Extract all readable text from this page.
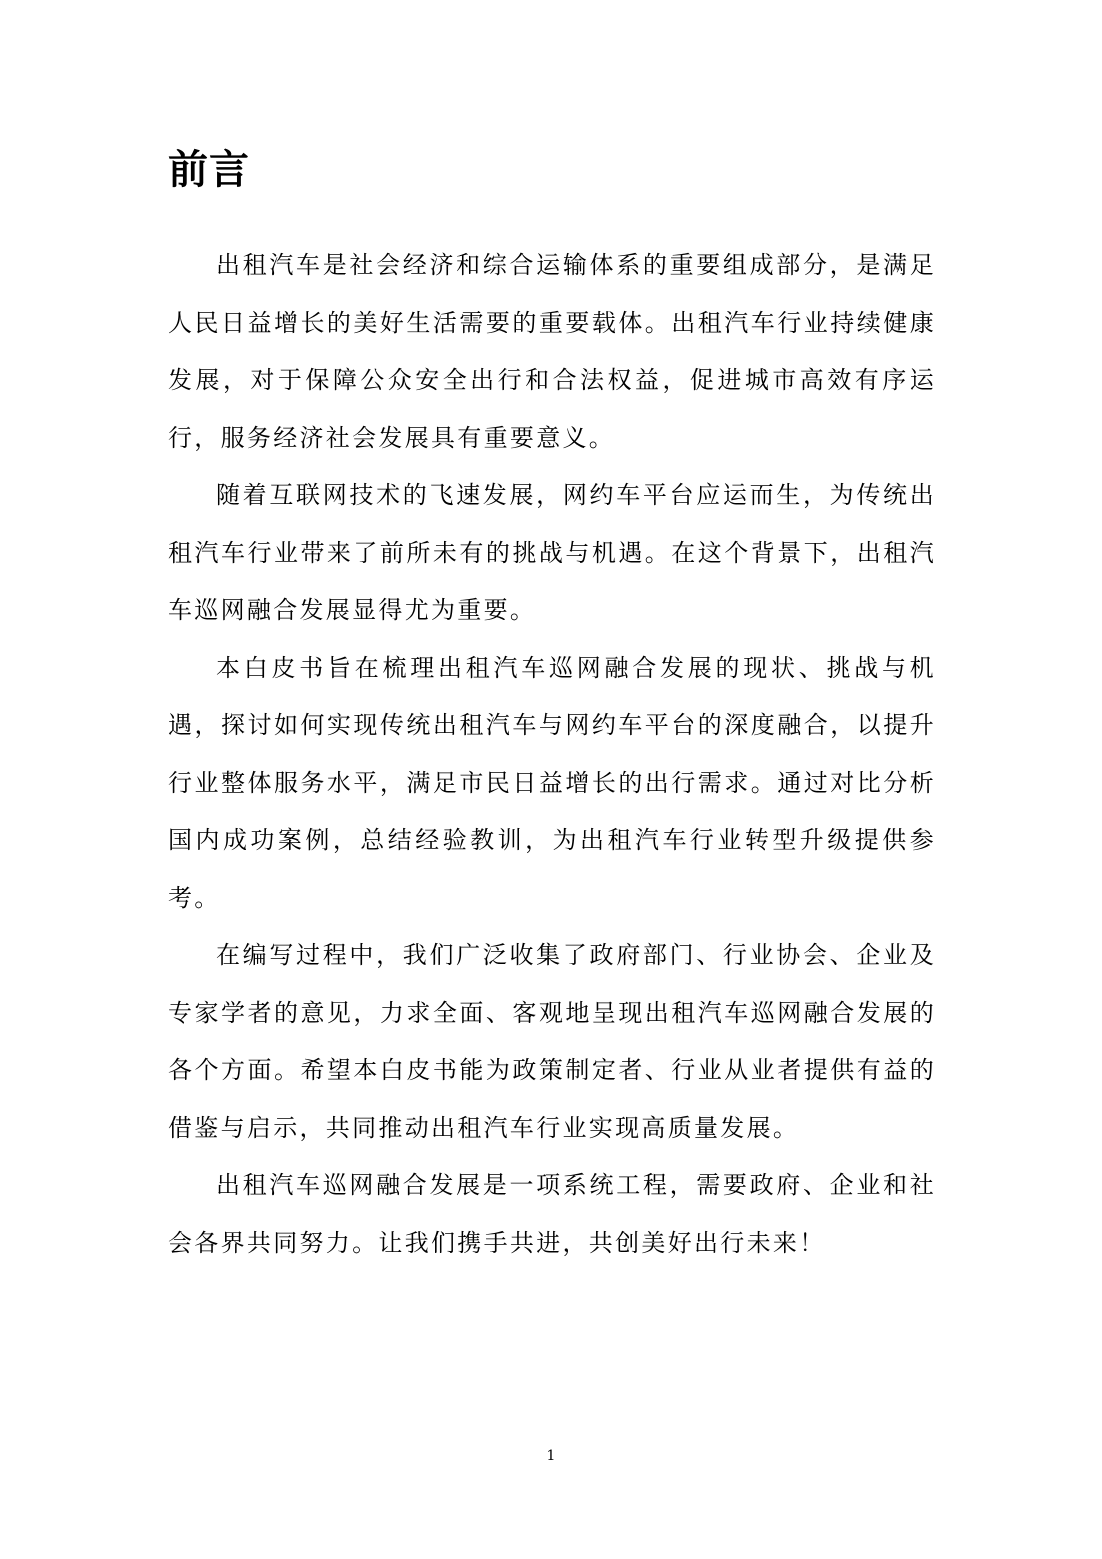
前言

出租汽车是社会经济和综合运输体系的重要组成部分，是满足人民日益增长的美好生活需要的重要载体。出租汽车行业持续健康发展，对于保障公众安全出行和合法权益，促进城市高效有序运行，服务经济社会发展具有重要意义。

随着互联网技术的飞速发展，网约车平台应运而生，为传统出租汽车行业带来了前所未有的挑战与机遇。在这个背景下，出租汽车巡网融合发展显得尤为重要。

本白皮书旨在梳理出租汽车巡网融合发展的现状、挑战与机遇，探讨如何实现传统出租汽车与网约车平台的深度融合，以提升行业整体服务水平，满足市民日益增长的出行需求。通过对比分析国内成功案例，总结经验教训，为出租汽车行业转型升级提供参考。

在编写过程中，我们广泛收集了政府部门、行业协会、企业及专家学者的意见，力求全面、客观地呈现出租汽车巡网融合发展的各个方面。希望本白皮书能为政策制定者、行业从业者提供有益的借鉴与启示，共同推动出租汽车行业实现高质量发展。

出租汽车巡网融合发展是一项系统工程，需要政府、企业和社会各界共同努力。让我们携手共进，共创美好出行未来！

1
